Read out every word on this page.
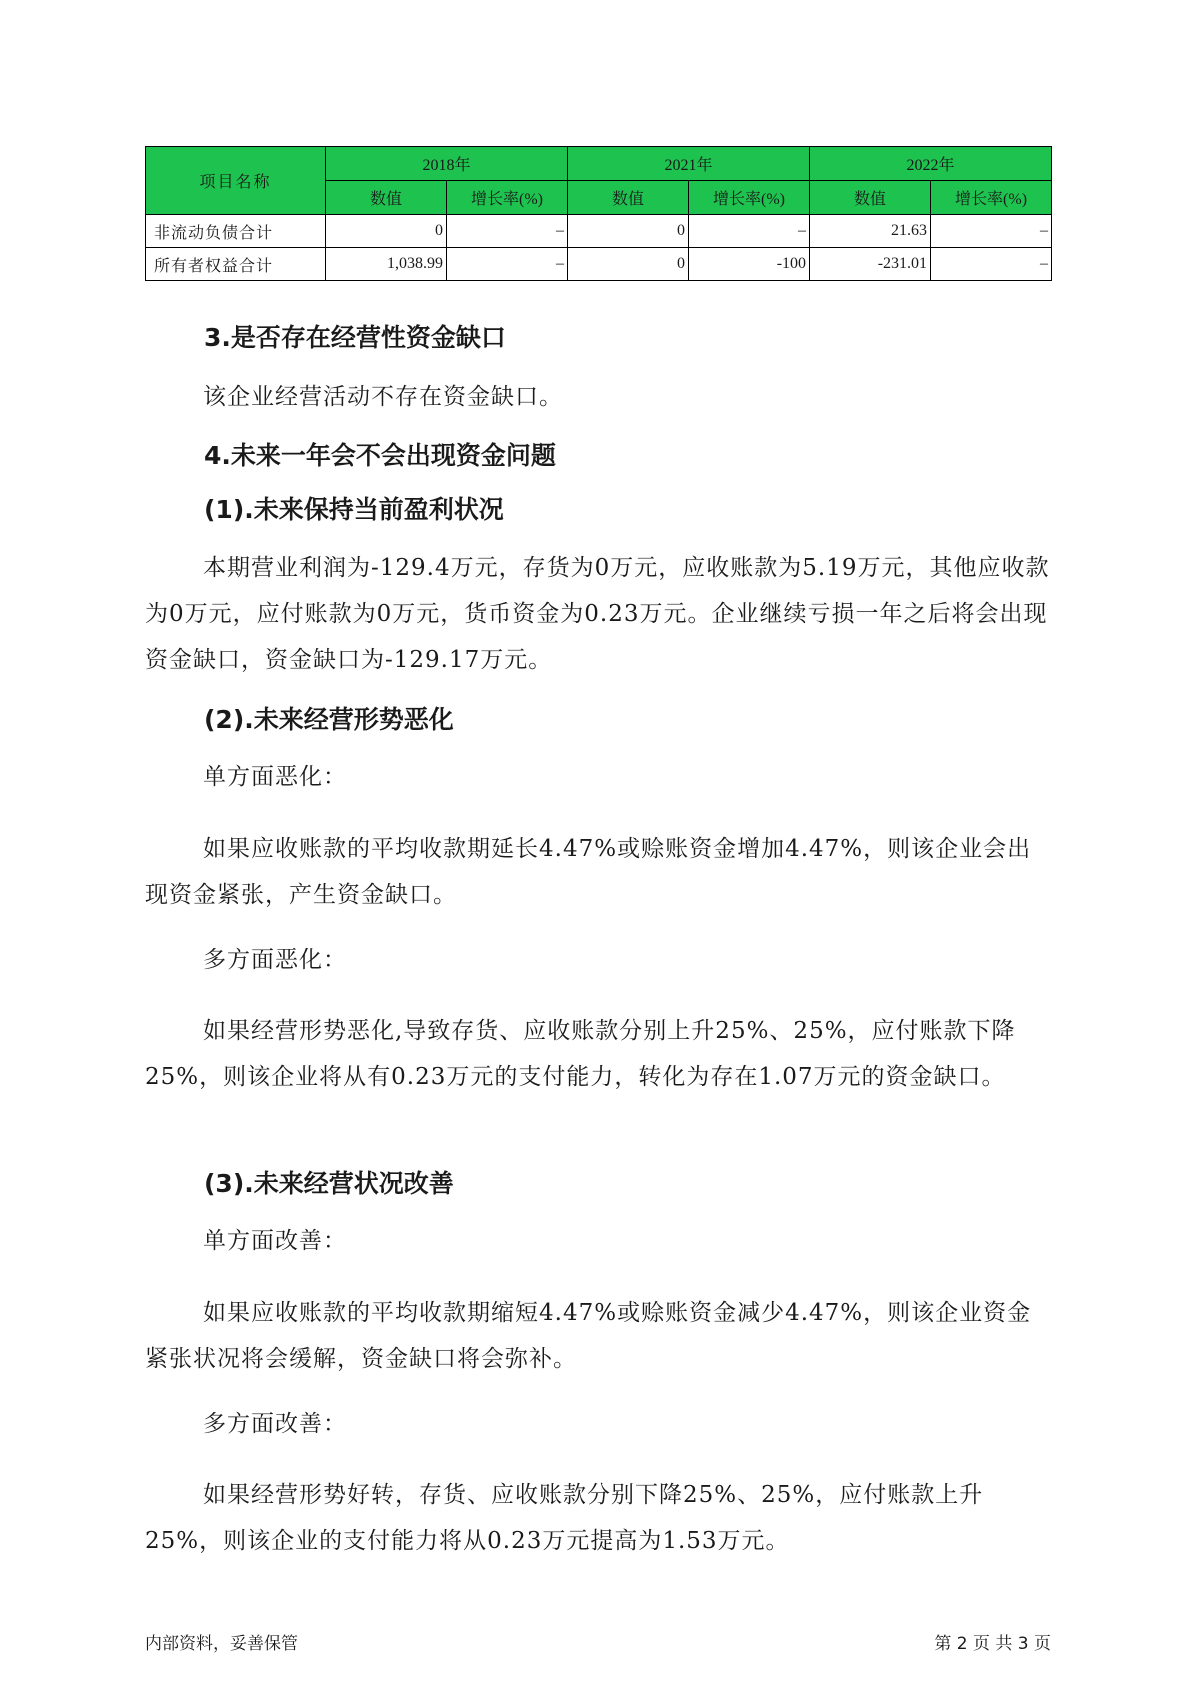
项目名称	2018年		2021年		2022年	
	数值	增长率(%)	数值	增长率(%)	数值	增长率(%)
非流动负债合计	0	–	0	–	21.63	–
所有者权益合计	1,038.99	–	0	-100	-231.01	–
3.是否存在经营性资金缺口

该企业经营活动不存在资金缺口。

4.未来一年会不会出现资金问题
(1).未来保持当前盈利状况

本期营业利润为-129.4万元，存货为0万元，应收账款为5.19万元，其他应收款为0万元，应付账款为0万元，货币资金为0.23万元。企业继续亏损一年之后将会出现资金缺口，资金缺口为-129.17万元。

(2).未来经营形势恶化

单方面恶化：

如果应收账款的平均收款期延长4.47%或赊账资金增加4.47%，则该企业会出现资金紧张，产生资金缺口。

多方面恶化：

如果经营形势恶化,导致存货、应收账款分别上升25%、25%，应付账款下降25%，则该企业将从有0.23万元的支付能力，转化为存在1.07万元的资金缺口。

(3).未来经营状况改善

单方面改善：

如果应收账款的平均收款期缩短4.47%或赊账资金减少4.47%，则该企业资金紧张状况将会缓解，资金缺口将会弥补。

多方面改善：

如果经营形势好转，存货、应收账款分别下降25%、25%，应付账款上升25%，则该企业的支付能力将从0.23万元提高为1.53万元。

内部资料，妥善保管	第 2 页 共 3 页
